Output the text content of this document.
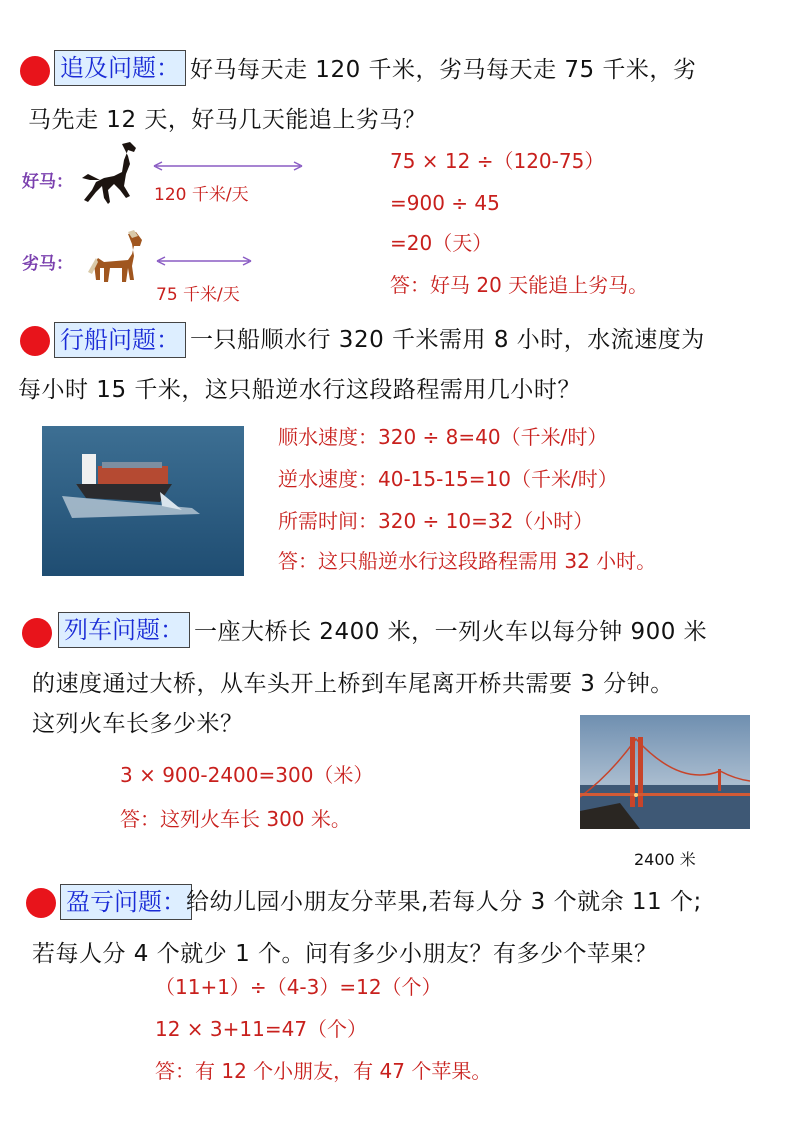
追及问题： 好马每天走 120 千米，劣马每天走 75 千米，劣
马先走 12 天，好马几天能追上劣马？
好马：
劣马：
120 千米/天
75 千米/天
75 × 12 ÷（120-75）
=900 ÷ 45
=20（天）
答：好马 20 天能追上劣马。
行船问题： 一只船顺水行 320 千米需用 8 小时，水流速度为
每小时 15 千米，这只船逆水行这段路程需用几小时？
顺水速度：320 ÷ 8=40（千米/时）
逆水速度：40-15-15=10（千米/时）
所需时间：320 ÷ 10=32（小时）
答：这只船逆水行这段路程需用 32 小时。
列车问题： 一座大桥长 2400 米，一列火车以每分钟 900 米
的速度通过大桥，从车头开上桥到车尾离开桥共需要 3 分钟。
这列火车长多少米？
3 × 900-2400=300（米）
答：这列火车长 300 米。
2400 米
盈亏问题： 给幼儿园小朋友分苹果,若每人分 3 个就余 11 个;
若每人分 4 个就少 1 个。问有多少小朋友？有多少个苹果？
（11+1）÷（4-3）=12（个）
12 × 3+11=47（个）
答：有 12 个小朋友，有 47 个苹果。
